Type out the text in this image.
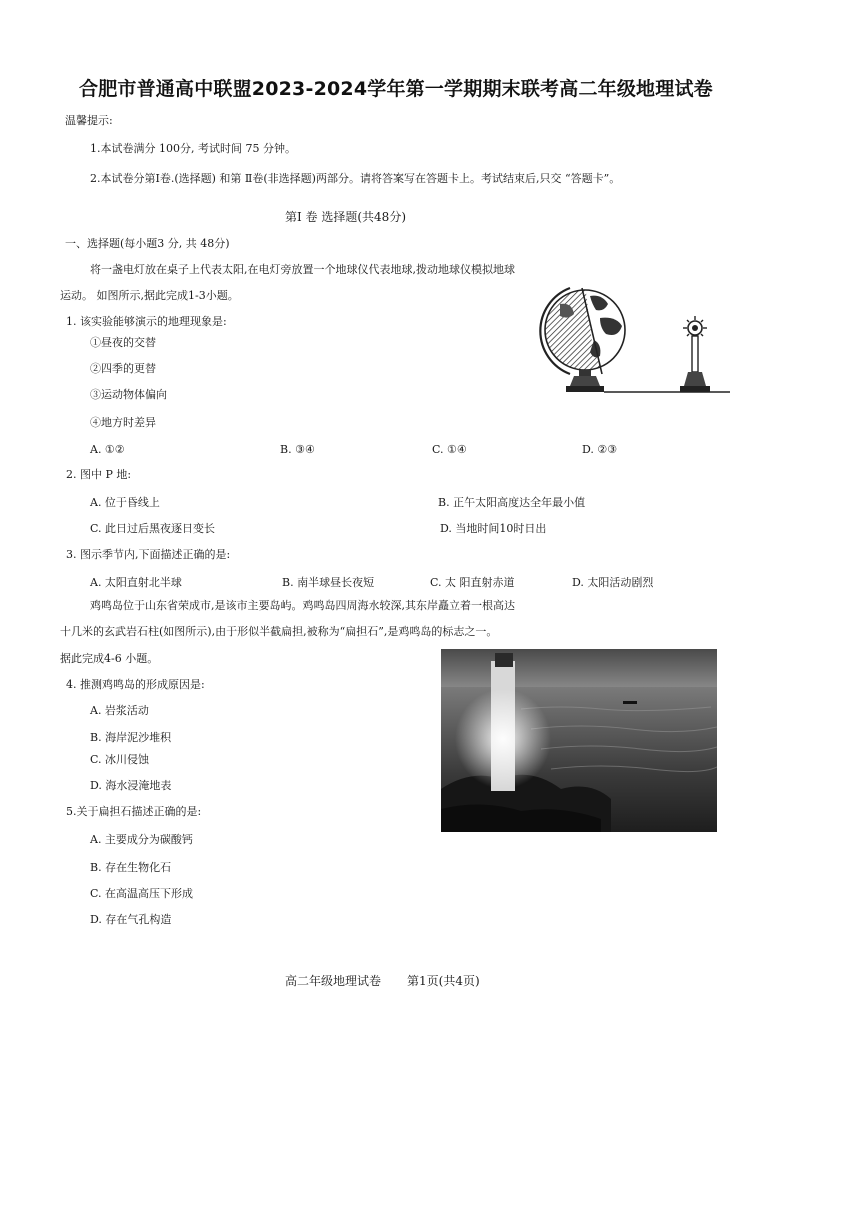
合肥市普通高中联盟2023-2024学年第一学期期末联考高二年级地理试卷
温馨提示:
1.本试卷满分 100分, 考试时间 75 分钟。
2.本试卷分第Ⅰ卷.(选择题) 和第 Ⅱ卷(非选择题)两部分。请将答案写在答题卡上。考试结束后,只交 “答题卡”。
第Ⅰ 卷 选择题(共48分)
一、选择题(每小题3 分, 共 48分)
将一盏电灯放在桌子上代表太阳,在电灯旁放置一个地球仪代表地球,拨动地球仪模拟地球
运动。 如图所示,据此完成1-3小题。
1. 该实验能够演示的地理现象是:
①昼夜的交替
②四季的更替
③运动物体偏向
④地方时差异
A. ①②	B. ③④	C. ①④	D. ②③
2. 图中 P 地:
A. 位于昏线上	B. 正午太阳高度达全年最小值
C. 此日过后黑夜逐日变长	D. 当地时间10时日出
3. 图示季节内,下面描述正确的是:
A. 太阳直射北半球	B. 南半球昼长夜短	C. 太 阳直射赤道	D. 太阳活动剧烈
鸡鸣岛位于山东省荣成市,是该市主要岛屿。鸡鸣岛四周海水较深,其东岸矗立着一根高达
十几米的玄武岩石柱(如图所示),由于形似半截扁担,被称为“扁担石”,是鸡鸣岛的标志之一。
据此完成4-6 小题。
4. 推测鸡鸣岛的形成原因是:
A. 岩浆活动
B. 海岸泥沙堆积
C. 冰川侵蚀
D. 海水浸淹地表
5.关于扁担石描述正确的是:
A. 主要成分为碳酸钙
B. 存在生物化石
C. 在高温高压下形成
D. 存在气孔构造
高二年级地理试卷 第1页(共4页)
